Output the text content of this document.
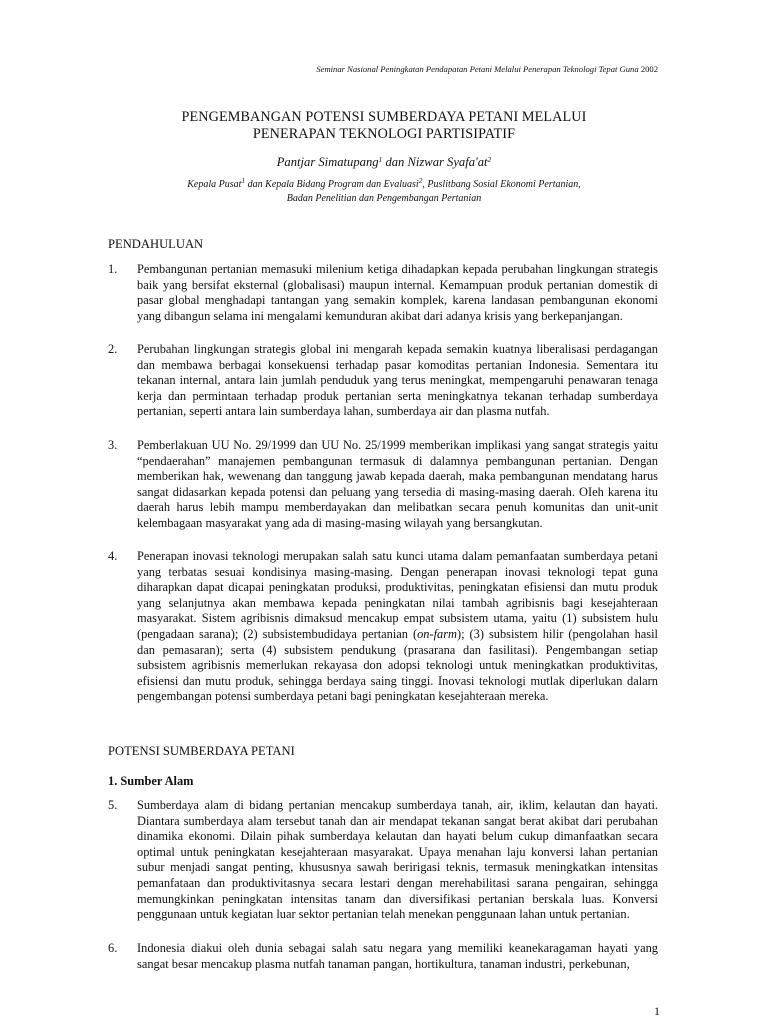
Seminar Nasional Peningkatan Pendapatan Petani Melalui Penerapan Teknologi Tepat Guna 2002
PENGEMBANGAN POTENSI SUMBERDAYA PETANI MELALUI
PENERAPAN TEKNOLOGI PARTISIPATIF
Pantjar Simatupang$^1$ dan Nizwar $Syafa'at^2$
Kepala Pusat$^1$ dan Kepala Bidang Program dan Evaluasi$^2$, Puslitbang Sosial Ekonomi Pertanian,
Badan Penelitian dan Pengembangan Pertanian
PENDAHULUAN
1.	Pembangunan pertanian memasuki milenium ketiga dihadapkan kepada perubahan lingkungan strategis baik yang bersifat eksternal (globalisasi) maupun internal. Kemampuan produk pertanian domestik di pasar global menghadapi tantangan yang semakin komplek, karena landasan pembangunan ekonomi yang dibangun selama ini mengalami kemunduran akibat dari adanya krisis yang berkepanjangan.
2.	Perubahan lingkungan strategis global ini mengarah kepada semakin kuatnya liberalisasi perdagangan dan membawa berbagai konsekuensi terhadap pasar komoditas pertanian Indonesia. Sementara itu tekanan internal, antara lain jumlah penduduk yang terus meningkat, mempengaruhi penawaran tenaga kerja dan permintaan terhadap produk pertanian serta meningkatnya tekanan terhadap sumberdaya pertanian, seperti antara lain sumberdaya lahan, sumberdaya air dan plasma nutfah.
3.	Pemberlakuan UU No. 29/1999 dan UU No. 25/1999 memberikan implikasi yang sangat strategis yaitu “pendaerahan” manajemen pembangunan termasuk di dalamnya pembangunan pertanian. Dengan memberikan hak, wewenang dan tanggung jawab kepada daerah, maka pembangunan mendatang harus sangat didasarkan kepada potensi dan peluang yang tersedia di masing-masing daerah. OIeh karena itu daerah harus lebih mampu memberdayakan dan melibatkan secara penuh komunitas dan unit-unit kelembagaan masyarakat yang ada di masing-masing wilayah yang bersangkutan.
4.	Penerapan inovasi teknologi merupakan salah satu kunci utama dalam pemanfaatan sumberdaya petani yang terbatas sesuai kondisinya masing-masing. Dengan penerapan inovasi teknologi tepat guna diharapkan dapat dicapai peningkatan produksi, produktivitas, peningkatan efisiensi dan mutu produk yang selanjutnya akan membawa kepada peningkatan nilai tambah agribisnis bagi kesejahteraan masyarakat. Sistem agribisnis dimaksud mencakup empat subsistem utama, yaitu (1) subsistem hulu (pengadaan sarana); (2) subsistembudidaya pertanian (on-farm); (3) subsistem hilir (pengolahan hasil dan pemasaran); serta (4) subsistem pendukung (prasarana dan fasilitasi). Pengembangan setiap subsistem agribisnis memerlukan rekayasa don adopsi teknologi untuk meningkatkan produktivitas, efisiensi dan mutu produk, sehingga berdaya saing tinggi. Inovasi teknologi mutlak diperlukan dalarn pengembangan potensi sumberdaya petani bagi peningkatan kesejahteraan mereka.
POTENSI SUMBERDAYA PETANI
1. Sumber Alam
5.	Sumberdaya alam di bidang pertanian mencakup sumberdaya tanah, air, iklim, kelautan dan hayati. Diantara sumberdaya alam tersebut tanah dan air mendapat tekanan sangat berat akibat dari perubahan dinamika ekonomi. Dilain pihak sumberdaya kelautan dan hayati belum cukup dimanfaatkan secara optimal untuk peningkatan kesejahteraan masyarakat. Upaya menahan laju konversi lahan pertanian subur menjadi sangat penting, khususnya sawah beririgasi teknis, termasuk meningkatkan intensitas pemanfataan dan produktivitasnya secara lestari dengan merehabilitasi sarana pengairan, sehingga memungkinkan peningkatan intensitas tanam dan diversifikasi pertanian berskala luas. Konversi penggunaan untuk kegiatan luar sektor pertanian telah menekan penggunaan lahan untuk pertanian.
6.	Indonesia diakui oleh dunia sebagai salah satu negara yang memiliki keanekaragaman hayati yang sangat besar mencakup plasma nutfah tanaman pangan, hortikultura, tanaman industri, perkebunan,
1
